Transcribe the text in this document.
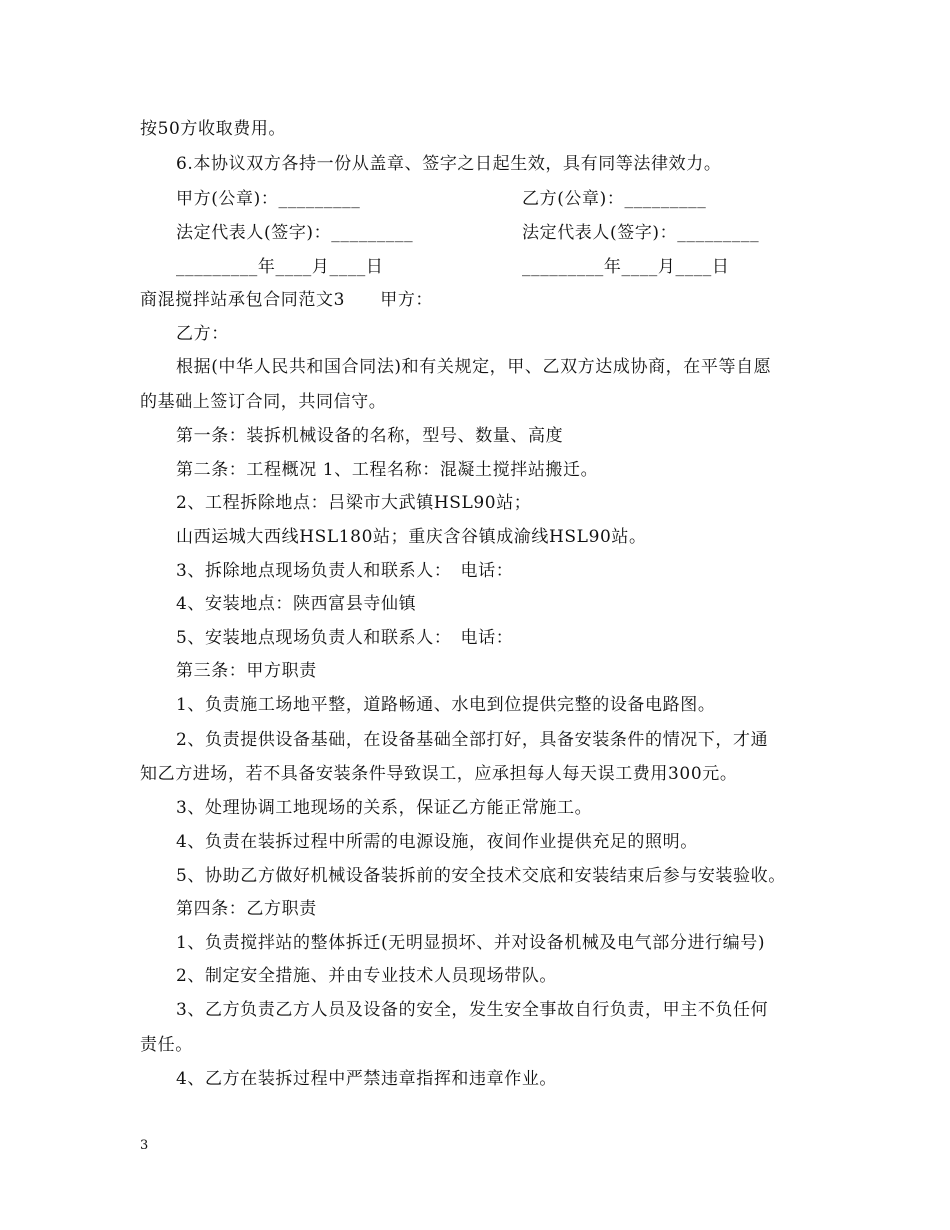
按50方收取费用。
6.本协议双方各持一份从盖章、签字之日起生效，具有同等法律效力。
甲方(公章)：_________	乙方(公章)：_________
法定代表人(签字)：_________	法定代表人(签字)：_________
_________年____月____日	_________年____月____日
商混搅拌站承包合同范文3　　甲方：
乙方：
根据(中华人民共和国合同法)和有关规定，甲、乙双方达成协商，在平等自愿
的基础上签订合同，共同信守。
第一条：装拆机械设备的名称，型号、数量、高度
第二条：工程概况 1、工程名称：混凝土搅拌站搬迁。
2、工程拆除地点：吕梁市大武镇HSL90站；
山西运城大西线HSL180站；重庆含谷镇成渝线HSL90站。
3、拆除地点现场负责人和联系人：　电话：
4、安装地点：陕西富县寺仙镇
5、安装地点现场负责人和联系人：　电话：
第三条：甲方职责
1、负责施工场地平整，道路畅通、水电到位提供完整的设备电路图。
2、负责提供设备基础，在设备基础全部打好，具备安装条件的情况下，才通
知乙方进场，若不具备安装条件导致误工，应承担每人每天误工费用300元。
3、处理协调工地现场的关系，保证乙方能正常施工。
4、负责在装拆过程中所需的电源设施，夜间作业提供充足的照明。
5、协助乙方做好机械设备装拆前的安全技术交底和安装结束后参与安装验收。
第四条：乙方职责
1、负责搅拌站的整体拆迁(无明显损坏、并对设备机械及电气部分进行编号)
2、制定安全措施、并由专业技术人员现场带队。
3、乙方负责乙方人员及设备的安全，发生安全事故自行负责，甲主不负任何
责任。
4、乙方在装拆过程中严禁违章指挥和违章作业。
3
